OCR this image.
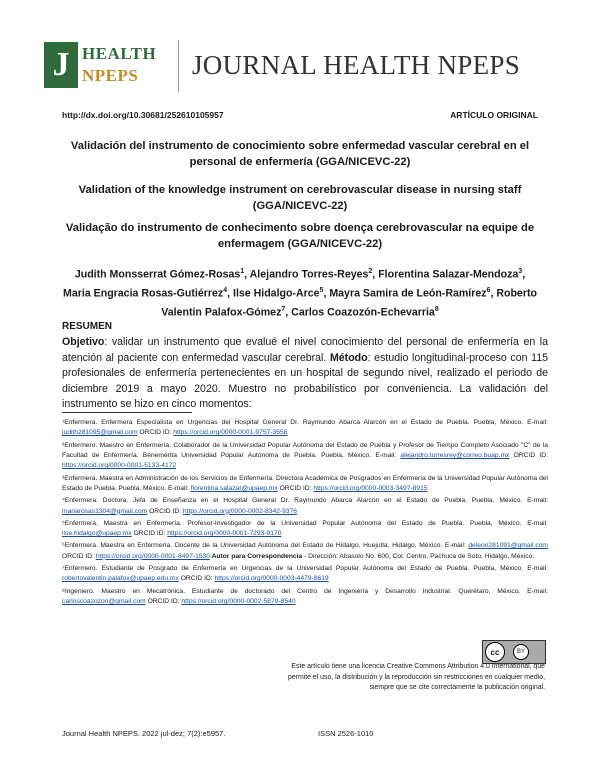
J HEALTH
NPEPS JOURNAL HEALTH NPEPS
http://dx.doi.org/10.30681/252610105957	ARTÍCULO ORIGINAL
Validación del instrumento de conocimiento sobre enfermedad vascular cerebral en el personal de enfermería (GGA/NICEVC-22)
Validation of the knowledge instrument on cerebrovascular disease in nursing staff (GGA/NICEVC-22)
Validação do instrumento de conhecimento sobre doença cerebrovascular na equipe de enfermagem (GGA/NICEVC-22)
Judith Monsserrat Gómez-Rosas$^1$, Alejandro Torres-Reyes$^2$, Florentina Salazar-Mendoza$^3$, Maria Engracia Rosas-Gutiérrez$^4$, Ilse Hidalgo-Arce$^5$, Mayra Samira de León-Ramírez$^6$, Roberto Valentin Palafox-Gómez$^7$, Carlos Coazozón-Echevarria$^8$
RESUMEN
Objetivo: validar un instrumento que evalué el nivel conocimiento del personal de enfermería en la atención al paciente con enfermedad vascular cerebral. Método: estudio longitudinal-proceso con 115 profesionales de enfermería pertenecientes en un hospital de segundo nivel, realizado el periodo de diciembre 2019 a mayo 2020. Muestro no probabilístico por conveniencia. La validación del instrumento se hizo en cinco momentos:
¹Enfermera. Enfermera Especialista en Urgencias del Hospital General Dr. Raymundo Abarca Alarcón en el Estado de Puebla. Puebla, México. E-mail: judith281095@gmail.com ORCID ID: https://orcid.org/0000-0001-9757-3558
²Enfermero. Maestro en Enfermería. Colaborador de la Universidad Popular Autónoma del Estado de Puebla y Profesor de Tiempo Completo Asociado "C" de la Facultad de Enfermería. Benemérita Universidad Popular Autónoma de Puebla. Puebla, México. E-mail: alejandro.torresrey@correo.buap.mx ORCID ID: https://orcid.org/0000-0001-5133-4172
³Enfermera. Maestra en Administración de los Servicios de Enfermería. Directora Académica de Posgrados en Enfermería de la Universidad Popular Autónoma del Estado de Puebla. Puebla, México. E-mail: florentina.salazar@upaep.mx ORCID ID: https://orcid.org/0000-0003-3497-8915
⁴Enfermera. Doctora. Jefa de Enseñanza en el Hospital General Dr. Raymundo Abarca Alarcón en el Estado de Puebla. Puebla, México. E-mail: mariarosas1304@gmail.com ORCID ID: https://orcid.org/0000-0002-8342-9376
⁵Enfermera. Maestra en Enfermería. Profesor-Investigador de la Universidad Popular Autónoma del Estado de Puebla. Puebla, México. E-mail: ilse.hidalgo@upaep.mx ORCID ID: https://orcid.org/0000-0001-7293-9170
⁶Enfermera. Maestra en Enfermería. Docente de la Universidad Autónoma del Estado de Hidalgo. Huejutla, Hidalgo, México. E-mail: deleon281091@gmail.com ORCID ID: https://orcid.org/0000-0001-8497-1530 Autor para Correspondencia - Dirección: Abasolo No. 600, Col. Centro, Pachuca de Soto, Hidalgo, México.
⁷Enfermero. Estudiante de Posgrado de Enfermería en Urgencias de la Universidad Popular Autónoma del Estado de Puebla. Puebla, México. E-mail: robertovalentin.palafox@upaep.edu.mx ORCID ID: https://orcid.org/0000-0003-4479-8619
⁸Ingeniero. Maestro en Mecatrónica. Estudiante de doctorado del Centro de Ingeniería y Desarrollo Industrial. Querétaro, México. E-mail: carloscoazozon@gmail.com ORCID ID: https://orcid.org/0000-0002-5879-8540
cc	BY
Este artículo tiene una licencia Creative Commons Attribution 4.0 International, que permite el uso, la distribución y la reproducción sin restricciones en cualquier medio, siempre que se cite correctamente la publicación original.
Journal Health NPEPS. 2022 jul-dez; 7(2):e5957.	ISSN 2526-1010
